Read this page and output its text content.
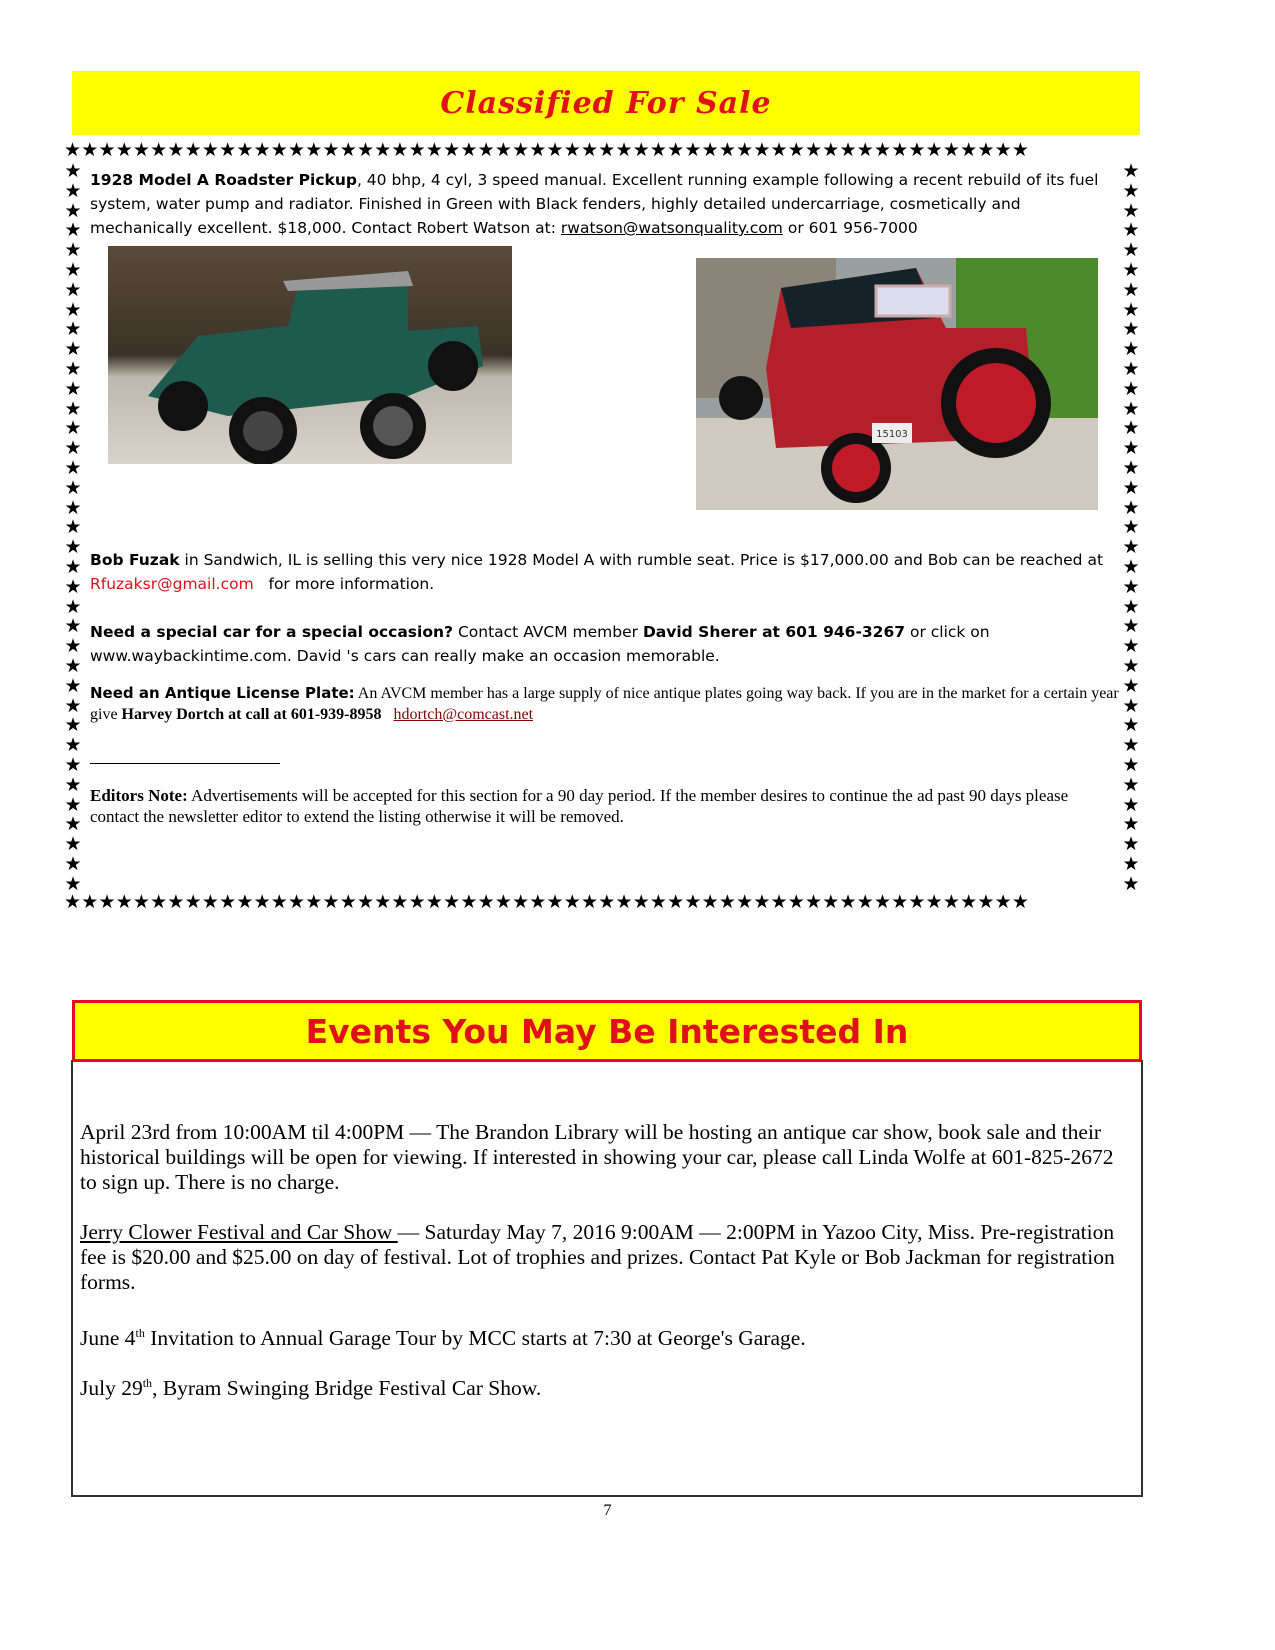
Classified For Sale
★★★★★★★★★★★★★★★★★★★★★★★★★★★★★★★★★★★★★★★★★★★★★★★★★★★★★★★★
★★★★★★★★★★★★★★★★★★★★★★★★★★★★★★★★★★★★★★★★★★★★★★★★★★★★★★★★
★
★
★
★
★
★
★
★
★
★
★
★
★
★
★
★
★
★
★
★
★
★
★
★
★
★
★
★
★
★
★
★
★
★
★
★
★
★
★
★
★
★
★
★
★
★
★
★
★
★
★
★
★
★
★
★
★
★
★
★
★
★
★
★
★
★
★
★
★
★
★
★
★
★
1928 Model A Roadster Pickup, 40 bhp, 4 cyl, 3 speed manual. Excellent running example following a recent rebuild of its fuel system, water pump and radiator. Finished in Green with Black fenders, highly detailed undercarriage, cosmetically and mechanically excellent. $18,000. Contact Robert Watson at: rwatson@watsonquality.com or 601 956-7000
15103
Bob Fuzak in Sandwich, IL is selling this very nice 1928 Model A with rumble seat. Price is $17,000.00 and Bob can be reached at Rfuzaksr@gmail.com   for more information.
Need a special car for a special occasion? Contact AVCM member David Sherer at 601 946-3267 or click on www.waybackintime.com. David 's cars can really make an occasion memorable.
Need an Antique License Plate: An AVCM member has a large supply of nice antique plates going way back. If you are in the market for a certain year give Harvey Dortch at call at 601-939-8958 hdortch@comcast.net
Editors Note: Advertisements will be accepted for this section for a 90 day period. If the member desires to continue the ad past 90 days please contact the newsletter editor to extend the listing otherwise it will be removed.
Events You May Be Interested In
April 23rd from 10:00AM til 4:00PM — The Brandon Library will be hosting an antique car show, book sale and their historical buildings will be open for viewing. If interested in showing your car, please call Linda Wolfe at 601-825-2672 to sign up. There is no charge.
Jerry Clower Festival and Car Show — Saturday May 7, 2016 9:00AM — 2:00PM in Yazoo City, Miss. Pre-registration fee is $20.00 and $25.00 on day of festival. Lot of trophies and prizes. Contact Pat Kyle or Bob Jackman for registration forms.
June 4th Invitation to Annual Garage Tour by MCC starts at 7:30 at George's Garage.
July 29th, Byram Swinging Bridge Festival Car Show.
7
